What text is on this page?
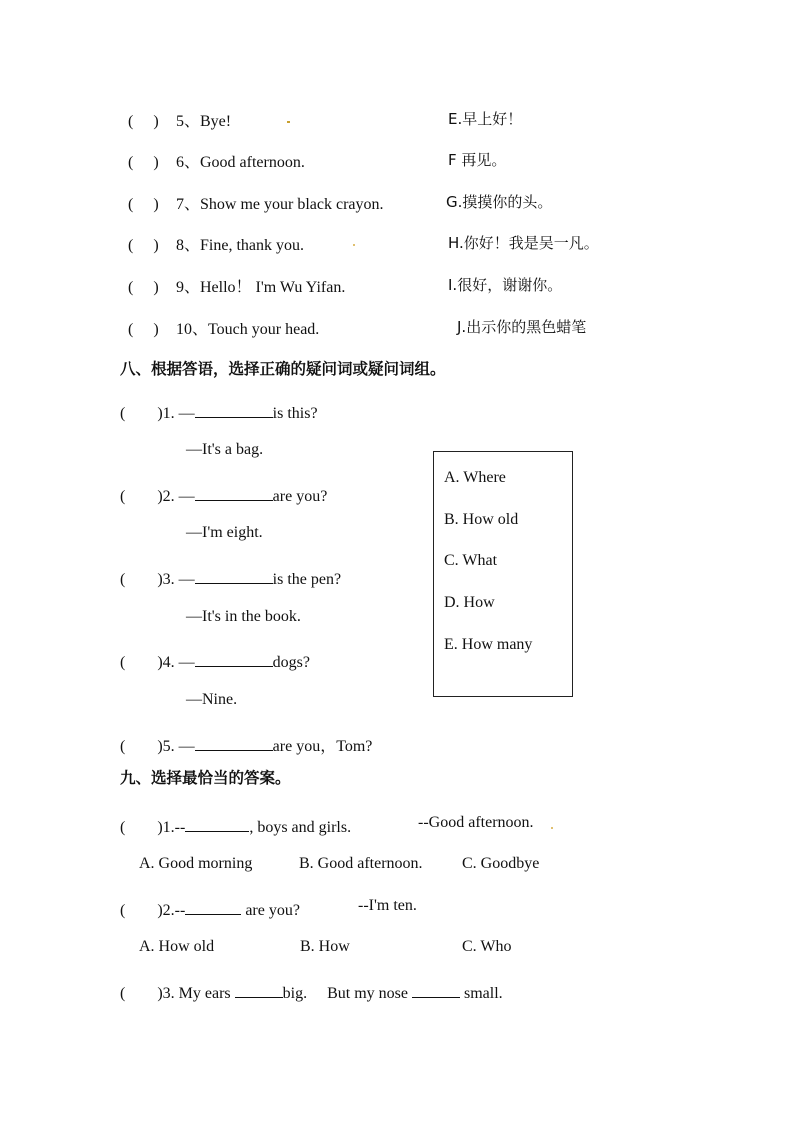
(　 ) 5、Bye!	E.早上好！
(　 ) 6、Good afternoon.	F 再见。
(　 ) 7、Show me your black crayon.	G.摸摸你的头。
(　 ) 8、Fine, thank you.	H.你好！我是吴一凡。
(　 ) 9、Hello！ I'm Wu Yifan.	I.很好，谢谢你。
(　 ) 10、Touch your head.	J.出示你的黑色蜡笔
八、根据答语，选择正确的疑问词或疑问词组。
(　　)1. —	is this?
—It's a bag.
(　　)2. —	are you?
—I'm eight.
(　　)3. —	is the pen?
—It's in the book.
(　　)4. —	dogs?
—Nine.
(　　)5. —	are you，Tom?
A. Where
B. How old
C. What
D. How
E. How many
九、选择最恰当的答案。
(　　)1.--	, boys and girls.	--Good afternoon.
A. Good morning	B. Good afternoon. C. Goodbye
(　　)2.--	are you?	--I'm ten.
A. How old	B. How	C. Who
(　　)3. My ears	big.　 But my nose	small.
